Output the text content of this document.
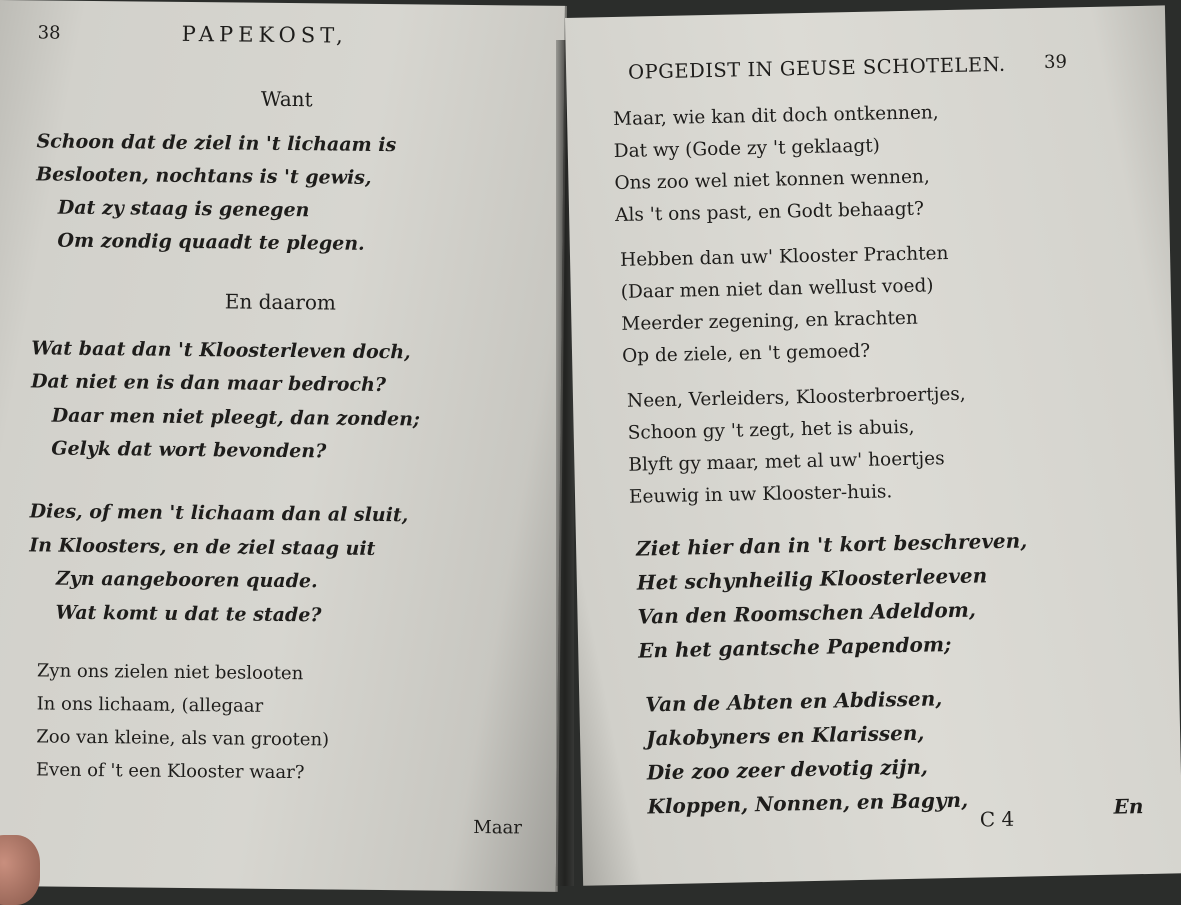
38	PAPEKOST,
Want
Schoon dat de ziel in 't lichaam is
Beslooten, nochtans is 't gewis,
Dat zy staag is genegen
Om zondig quaadt te plegen.
En daarom
Wat baat dan 't Kloosterleven doch,
Dat niet en is dan maar bedroch?
Daar men niet pleegt, dan zonden;
Gelyk dat wort bevonden?
Dies, of men 't lichaam dan al sluit,
In Kloosters, en de ziel staag uit
Zyn aangebooren quade.
Wat komt u dat te stade?
Zyn ons zielen niet beslooten
In ons lichaam, (allegaar
Zoo van kleine, als van grooten)
Even of 't een Klooster waar?
Maar
OPGEDIST IN GEUSE SCHOTELEN. 39
Maar, wie kan dit doch ontkennen,
Dat wy (Gode zy 't geklaagt)
Ons zoo wel niet konnen wennen,
Als 't ons past, en Godt behaagt?
Hebben dan uw' Klooster Prachten
(Daar men niet dan wellust voed)
Meerder zegening, en krachten
Op de ziele, en 't gemoed?
Neen, Verleiders, Kloosterbroertjes,
Schoon gy 't zegt, het is abuis,
Blyft gy maar, met al uw' hoertjes
Eeuwig in uw Klooster-huis.
Ziet hier dan in 't kort beschreven,
Het schynheilig Kloosterleeven
Van den Roomschen Adeldom,
En het gantsche Papendom;
Van de Abten en Abdissen,
Jakobyners en Klarissen,
Die zoo zeer devotig zijn,
Kloppen, Nonnen, en Bagyn,
C 4
En
